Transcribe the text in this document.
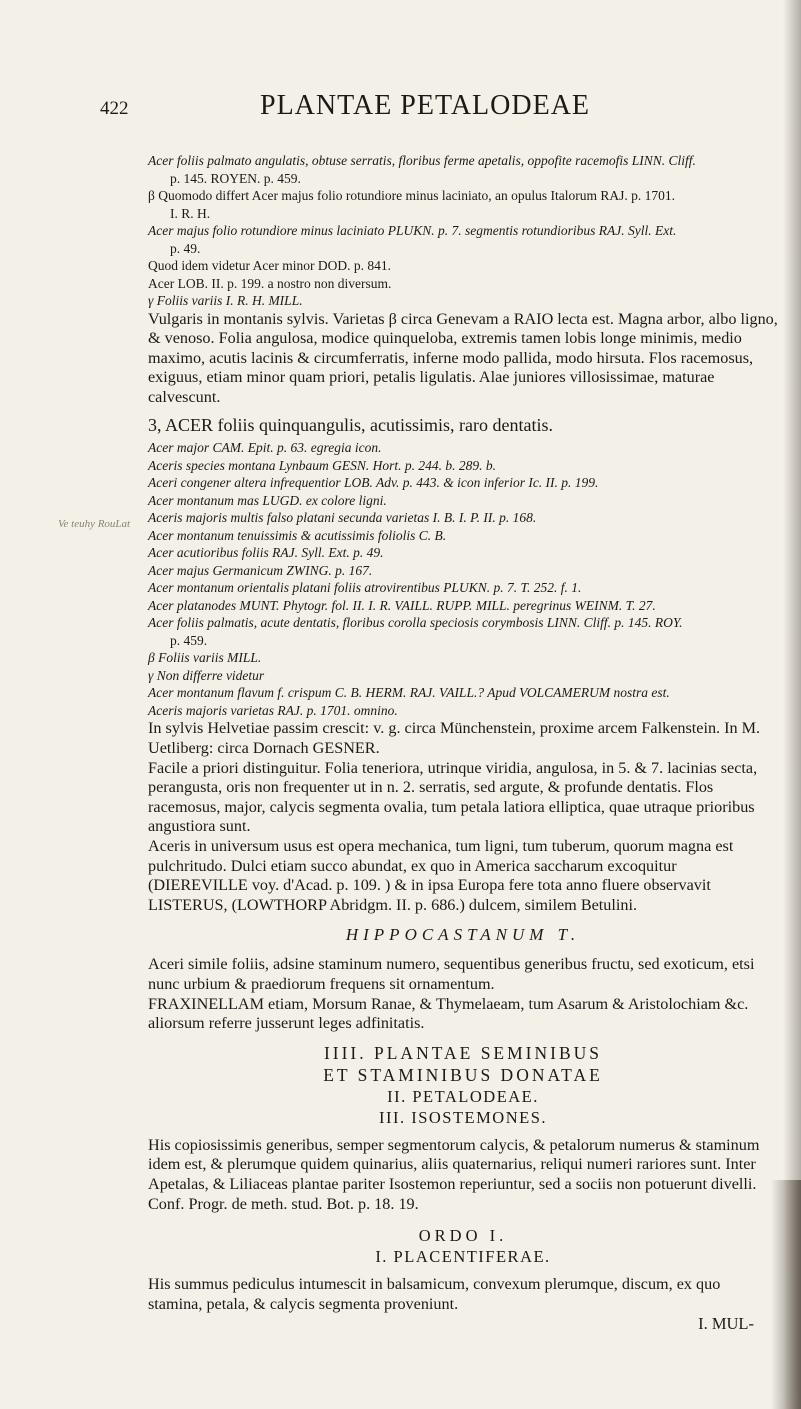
Ve teuhy RouLat
422	PLANTAE PETALODEAE

Acer foliis palmato angulatis, obtuse serratis, floribus ferme apetalis, oppofite racemofis LINN. Cliff.

p. 145. ROYEN. p. 459.

β Quomodo differt Acer majus folio rotundiore minus laciniato, an opulus Italorum RAJ. p. 1701.

I. R. H.

Acer majus folio rotundiore minus laciniato PLUKN. p. 7. segmentis rotundioribus RAJ. Syll. Ext.

p. 49.

Quod idem videtur Acer minor DOD. p. 841.

Acer LOB. II. p. 199. a nostro non diversum.

γ Foliis variis I. R. H. MILL.

Vulgaris in montanis sylvis. Varietas β circa Genevam a RAIO lecta est. Magna arbor, albo ligno, & venoso. Folia angulosa, modice quinqueloba, extremis tamen lobis longe minimis, medio maximo, acutis lacinis & circumferratis, inferne modo pallida, modo hirsuta. Flos racemosus, exiguus, etiam minor quam priori, petalis ligulatis. Alae juniores villosissimae, maturae calvescunt.

3, ACER foliis quinquangulis, acutissimis, raro dentatis.

Acer major CAM. Epit. p. 63. egregia icon.

Aceris species montana Lynbaum GESN. Hort. p. 244. b. 289. b.

Aceri congener altera infrequentior LOB. Adv. p. 443. & icon inferior Ic. II. p. 199.

Acer montanum mas LUGD. ex colore ligni.

Aceris majoris multis falso platani secunda varietas I. B. I. P. II. p. 168.

Acer montanum tenuissimis & acutissimis foliolis C. B.

Acer acutioribus foliis RAJ. Syll. Ext. p. 49.

Acer majus Germanicum ZWING. p. 167.

Acer montanum orientalis platani foliis atrovirentibus PLUKN. p. 7. T. 252. f. 1.

Acer platanodes MUNT. Phytogr. fol. II. I. R. VAILL. RUPP. MILL. peregrinus WEINM. T. 27.

Acer foliis palmatis, acute dentatis, floribus corolla speciosis corymbosis LINN. Cliff. p. 145. ROY.

p. 459.

β Foliis variis MILL.

γ Non differre videtur

Acer montanum flavum f. crispum C. B. HERM. RAJ. VAILL.? Apud VOLCAMERUM nostra est.

Aceris majoris varietas RAJ. p. 1701. omnino.

In sylvis Helvetiae passim crescit: v. g. circa Münchenstein, proxime arcem Falkenstein. In M. Uetliberg: circa Dornach GESNER.

Facile a priori distinguitur. Folia teneriora, utrinque viridia, angulosa, in 5. & 7. lacinias secta, perangusta, oris non frequenter ut in n. 2. serratis, sed argute, & profunde dentatis. Flos racemosus, major, calycis segmenta ovalia, tum petala latiora elliptica, quae utraque prioribus angustiora sunt.

Aceris in universum usus est opera mechanica, tum ligni, tum tuberum, quorum magna est pulchritudo. Dulci etiam succo abundat, ex quo in America saccharum excoquitur (DIEREVILLE voy. d'Acad. p. 109. ) & in ipsa Europa fere tota anno fluere observavit LISTERUS, (LOWTHORP Abridgm. II. p. 686.) dulcem, similem Betulini.

HIPPOCASTANUM T.

Aceri simile foliis, adsine staminum numero, sequentibus generibus fructu, sed exoticum, etsi nunc urbium & praediorum frequens sit ornamentum.

FRAXINELLAM etiam, Morsum Ranae, & Thymelaeam, tum Asarum & Aristolochiam &c. aliorsum referre jusserunt leges adfinitatis.

IIII. PLANTAE SEMINIBUS

ET STAMINIBUS DONATAE

II. PETALODEAE.

III. ISOSTEMONES.

His copiosissimis generibus, semper segmentorum calycis, & petalorum numerus & staminum idem est, & plerumque quidem quinarius, aliis quaternarius, reliqui numeri rariores sunt. Inter Apetalas, & Liliaceas plantae pariter Isostemon reperiuntur, sed a sociis non potuerunt divelli. Conf. Progr. de meth. stud. Bot. p. 18. 19.

ORDO I.

I. PLACENTIFERAE.

His summus pediculus intumescit in balsamicum, convexum plerumque, discum, ex quo stamina, petala, & calycis segmenta proveniunt.

I. MUL-
